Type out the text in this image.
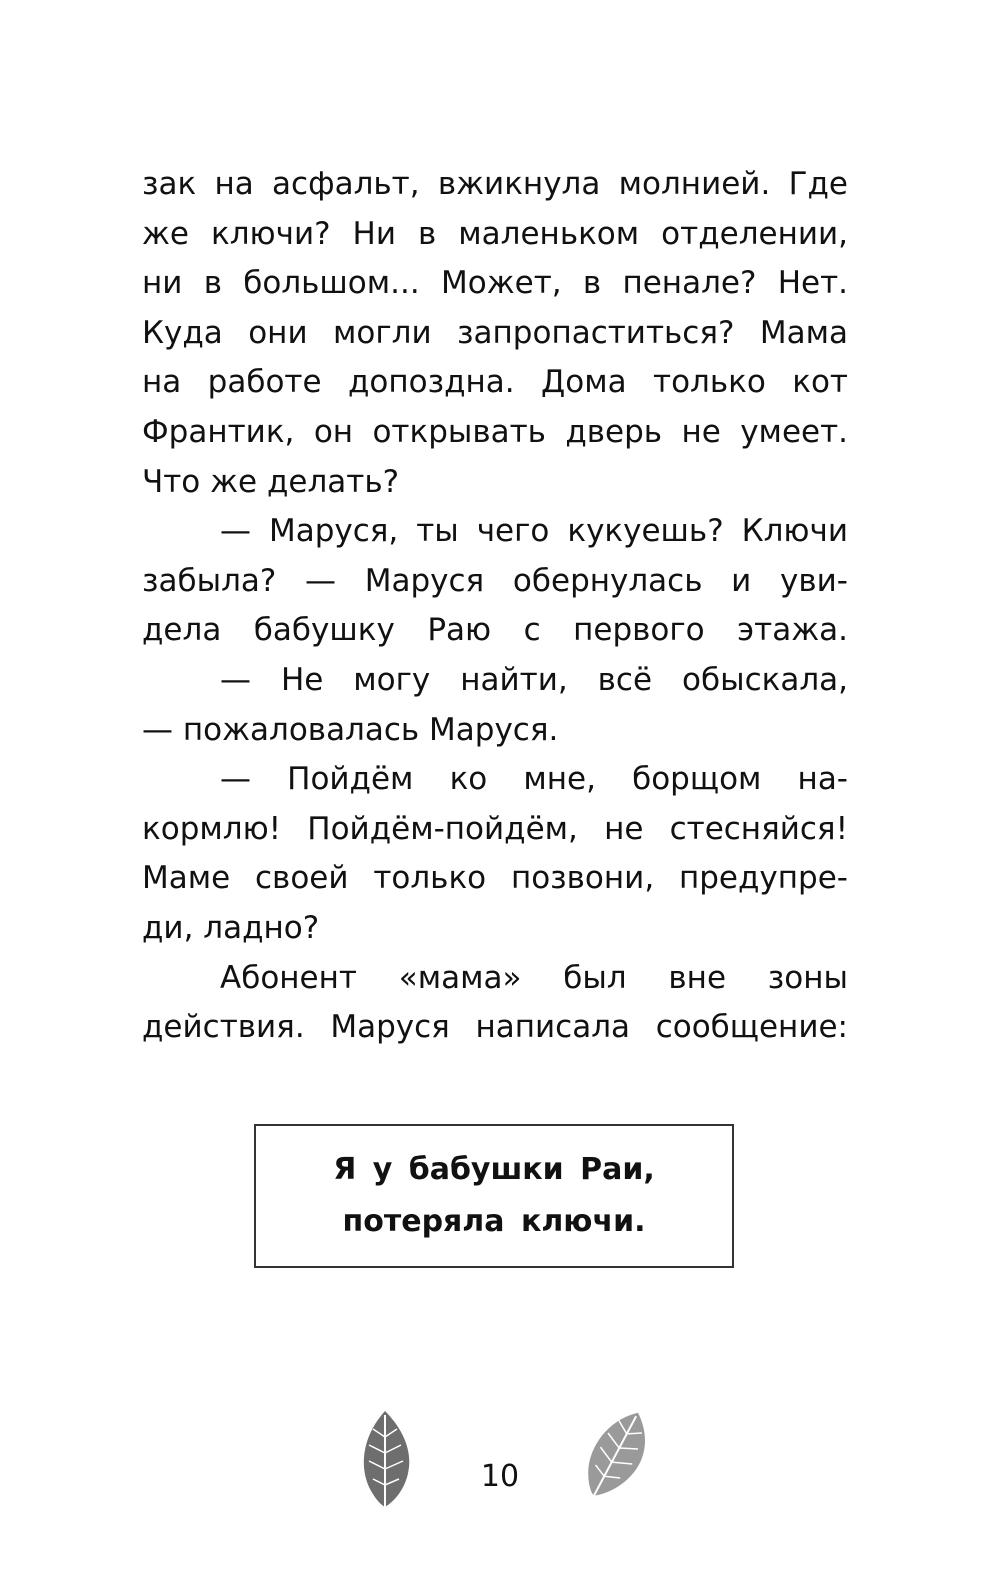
зак на асфальт, вжикнула молнией. Где
же ключи? Ни в маленьком отделении,
ни в большом... Может, в пенале? Нет.
Куда они могли запропаститься? Мама
на работе допоздна. Дома только кот
Франтик, он открывать дверь не умеет.
Что же делать?
— Маруся, ты чего кукуешь? Ключи
забыла? — Маруся обернулась и уви-
дела бабушку Раю с первого этажа.
— Не могу найти, всё обыскала,
— пожаловалась Маруся.
— Пойдём ко мне, борщом на-
кормлю! Пойдём-пойдём, не стесняйся!
Маме своей только позвони, предупре-
ди, ладно?
Абонент «мама» был вне зоны
действия. Маруся написала сообщение:
Я у бабушки Раи,
потеряла ключи.
10
